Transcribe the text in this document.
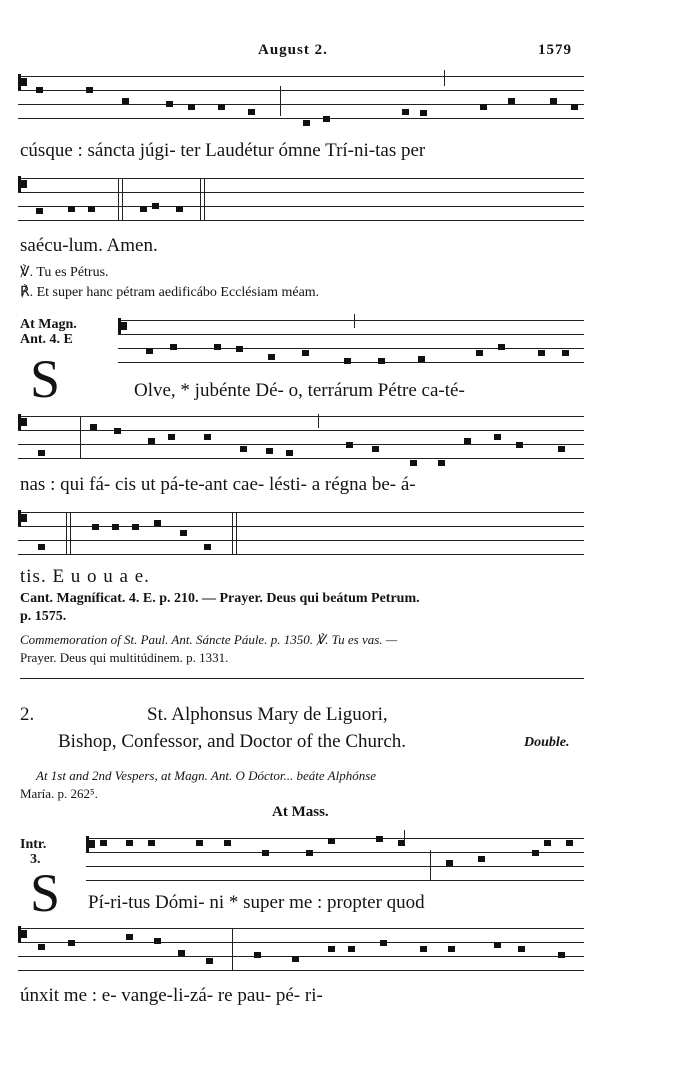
August 2.	1579
cúsque : sáncta júgi- ter Laudétur ómne Trí-ni-tas per
saécu-lum. Amen.
℣. Tu es Pétrus.
℟. Et super hanc pétram aedificábo Ecclésiam méam.
At Magn.
Ant. 4. E
S	Olve, * jubénte Dé- o, terrárum Pétre ca-té-
nas : qui fá- cis ut pá-te-ant cae- lésti- a régna be- á-
tis. E u o u a e.
Cant. Magníficat. 4. E. p. 210. — Prayer. Deus qui beátum Petrum.
p. 1575.
Commemoration of St. Paul. Ant. Sáncte Páule. p. 1350. ℣. Tu es vas. —
Prayer. Deus qui multitúdinem. p. 1331.
2.	St. Alphonsus Mary de Liguori,
Bishop, Confessor, and Doctor of the Church.	Double.
At 1st and 2nd Vespers, at Magn. Ant. O Dóctor... beáte Alphónse
María. p. 262⁵.
At Mass.
Intr.
3.
S Pí-ri-tus Dómi- ni * super me : propter quod
únxit me : e- vange-li-zá- re pau- pé- ri-
